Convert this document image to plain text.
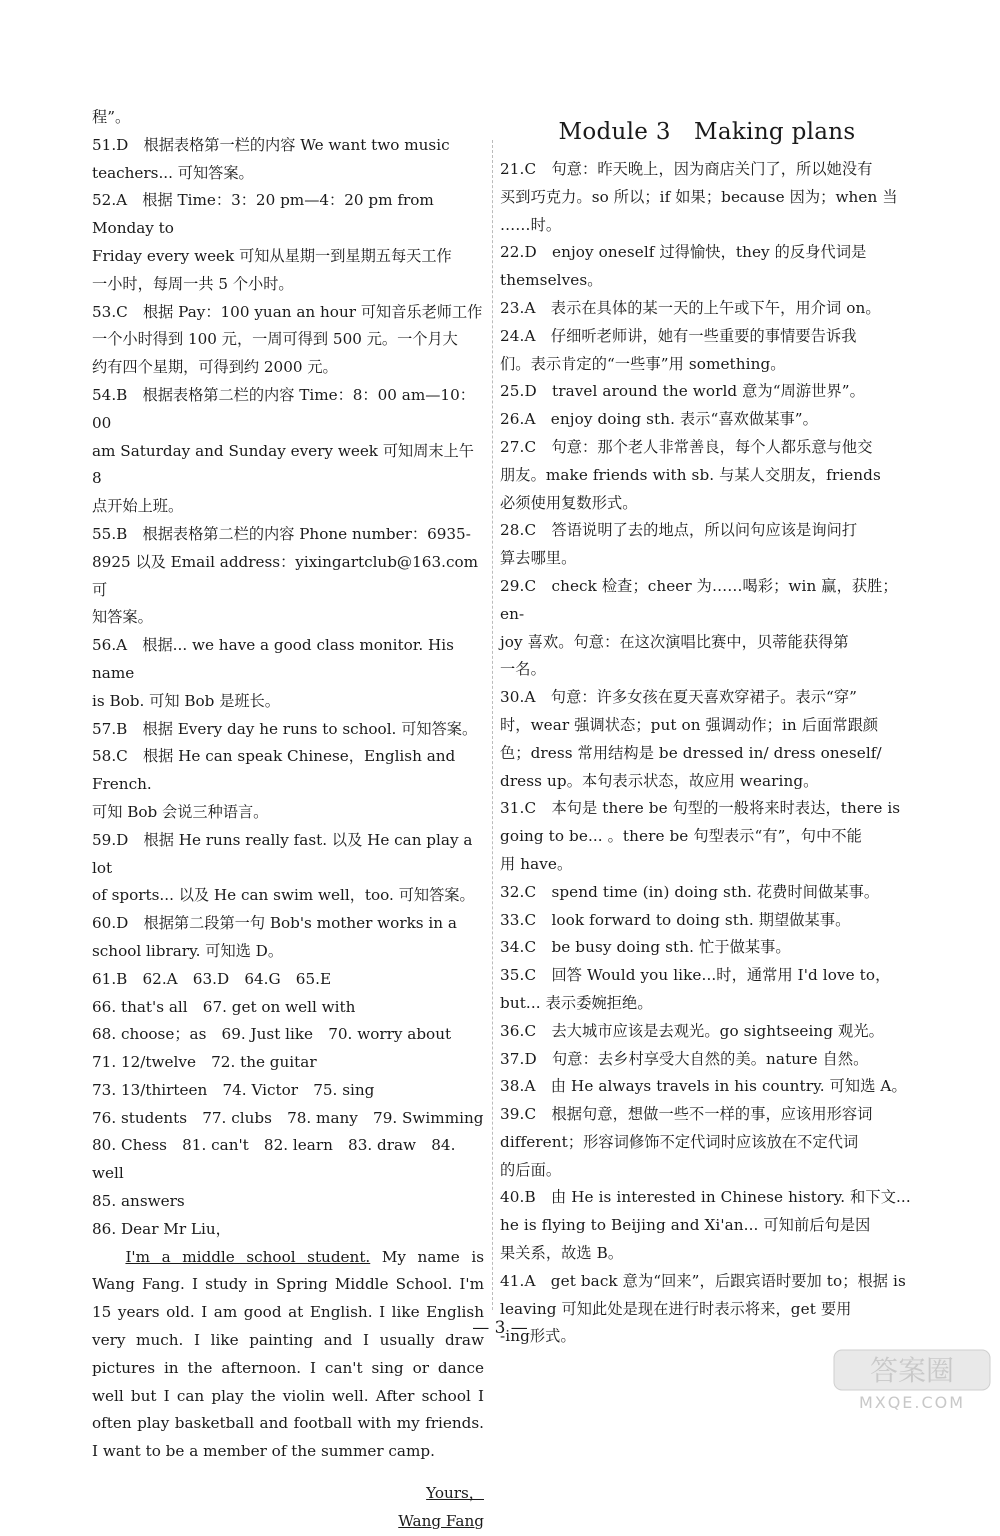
程”。

51.D　根据表格第一栏的内容 We want two music

teachers... 可知答案。

52.A　根据 Time：3：20 pm—4：20 pm from Monday to

Friday every week 可知从星期一到星期五每天工作

一小时，每周一共 5 个小时。

53.C　根据 Pay：100 yuan an hour 可知音乐老师工作

一个小时得到 100 元，一周可得到 500 元。一个月大

约有四个星期，可得到约 2000 元。

54.B　根据表格第二栏的内容 Time：8：00 am—10：00

am Saturday and Sunday every week 可知周末上午 8

点开始上班。

55.B　根据表格第二栏的内容 Phone number：6935-

8925 以及 Email address：yixingartclub@163.com 可

知答案。

56.A　根据... we have a good class monitor. His name

is Bob. 可知 Bob 是班长。

57.B　根据 Every day he runs to school. 可知答案。

58.C　根据 He can speak Chinese，English and French.

可知 Bob 会说三种语言。

59.D　根据 He runs really fast. 以及 He can play a lot

of sports... 以及 He can swim well，too. 可知答案。

60.D　根据第二段第一句 Bob's mother works in a

school library. 可知选 D。

61.B　62.A　63.D　64.G　65.E

66. that's all　67. get on well with

68. choose；as　69. Just like　70. worry about

71. 12/twelve　72. the guitar

73. 13/thirteen　74. Victor　75. sing

76. students　77. clubs　78. many　79. Swimming

80. Chess　81. can't　82. learn　83. draw　84. well

85. answers

86. Dear Mr Liu，

I'm a middle school student. My name is Wang Fang. I study in Spring Middle School. I'm 15 years old. I am good at English. I like English very much. I like painting and I usually draw pictures in the afternoon. I can't sing or dance well but I can play the violin well. After school I often play basketball and football with my friends. I want to be a member of the summer camp.

Yours，

Wang Fang

Module 3　Making plans

21.C　句意：昨天晚上，因为商店关门了，所以她没有

买到巧克力。so 所以；if 如果；because 因为；when 当

……时。

22.D　enjoy oneself 过得愉快，they 的反身代词是

themselves。

23.A　表示在具体的某一天的上午或下午，用介词 on。

24.A　仔细听老师讲，她有一些重要的事情要告诉我

们。表示肯定的“一些事”用 something。

25.D　travel around the world 意为“周游世界”。

26.A　enjoy doing sth. 表示“喜欢做某事”。

27.C　句意：那个老人非常善良，每个人都乐意与他交

朋友。make friends with sb. 与某人交朋友，friends

必须使用复数形式。

28.C　答语说明了去的地点，所以问句应该是询问打

算去哪里。

29.C　check 检查；cheer 为……喝彩；win 赢，获胜；en-

joy 喜欢。句意：在这次演唱比赛中，贝蒂能获得第

一名。

30.A　句意：许多女孩在夏天喜欢穿裙子。表示“穿”

时，wear 强调状态；put on 强调动作；in 后面常跟颜

色；dress 常用结构是 be dressed in/ dress oneself/

dress up。本句表示状态，故应用 wearing。

31.C　本句是 there be 句型的一般将来时表达，there is

going to be... 。there be 句型表示“有”，句中不能

用 have。

32.C　spend time (in) doing sth. 花费时间做某事。

33.C　look forward to doing sth. 期望做某事。

34.C　be busy doing sth. 忙于做某事。

35.C　回答 Would you like...时，通常用 I'd love to，

but... 表示委婉拒绝。

36.C　去大城市应该是去观光。go sightseeing 观光。

37.D　句意：去乡村享受大自然的美。nature 自然。

38.A　由 He always travels in his country. 可知选 A。

39.C　根据句意，想做一些不一样的事，应该用形容词

different；形容词修饰不定代词时应该放在不定代词

的后面。

40.B　由 He is interested in Chinese history. 和下文...

he is flying to Beijing and Xi'an... 可知前后句是因

果关系，故选 B。

41.A　get back 意为“回来”，后跟宾语时要加 to；根据 is

leaving 可知此处是现在进行时表示将来，get 要用

-ing形式。

— 3 —
答案圈
MXQE.COM
